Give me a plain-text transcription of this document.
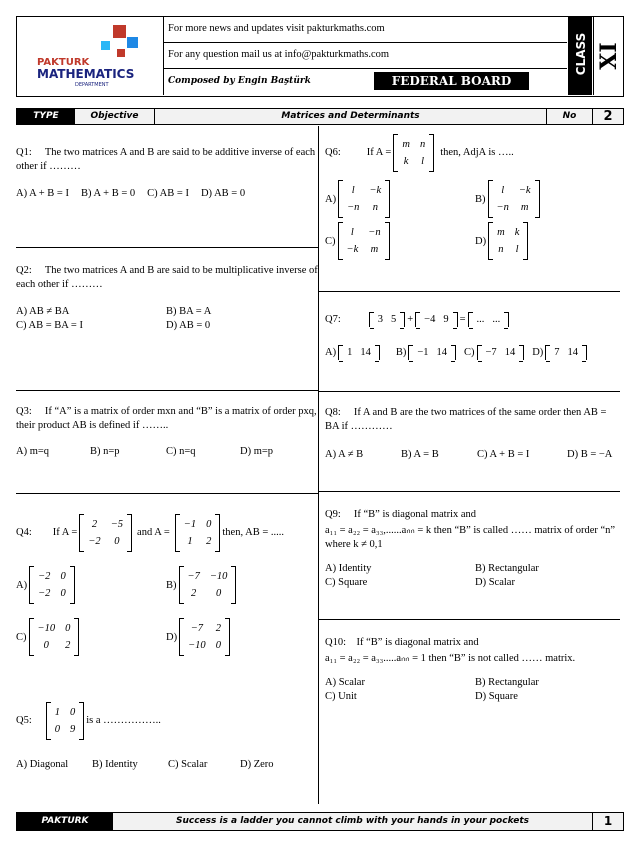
PAKTURK
MATHEMATICS
DEPARTMENT
For more news and updates visit pakturkmaths.com
For any question mail us at info@pakturkmaths.com
Composed by Engin Baştürk	FEDERAL BOARD
CLASS XI
TYPE	Objective	Matrices and Determinants	No	2
Q1: The two matrices A and B are said to be additive inverse of each other if ………
A) A + B = I B) A + B = 0 C) AB = I D) AB = 0
Q2: The two matrices A and B are said to be multiplicative inverse of each other if ………
A) AB ≠ BA	B) BA = A
C) AB = BA = I	D) AB = 0
Q3: If “A” is a matrix of order mxn and “B” is a matrix of order pxq, their product AB is defined if ……..
A) m=q	B) n=p	C) n=q	D) m=p
Q4:
If A =
2	−5
−2	0
and A =
−1 0
1	2
then, AB = .....
A)
−2 0
−2 0
B)
−7 −10
2	0
C)
−10 0
0	2
D)
−7 2
−10 0
Q5:
1 0
0 9
is a ……………..
A) Diagonal	B) Identity	C) Scalar	D) Zero
Q6: If A =
m n
k l
then, AdjA is …..
A)
l	−k
−n	n
B)
l	−k
−n m
C)
l	−n
−k m
D)
m k
n l
Q7:	3 5 + −4 9 = ... ...
A) 1 14 B) −1 14 C) −7 14 D) 7 14
Q8: If A and B are the two matrices of the same order then AB = BA if …………
A) A ≠ B	B) A = B	C) A + B = I	D) B = −A
Q9: If “B” is diagonal matrix and
a₁₁ = a₂₂ = a₃₃,......aₙₙ = k then “B” is called …… matrix of order “n” where k ≠ 0,1
A) Identity	B) Rectangular
C) Square	D) Scalar
Q10: If “B” is diagonal matrix and
a₁₁ = a₂₂ = a₃₃.....aₙₙ = 1 then “B” is not called …… matrix.
A) Scalar	B) Rectangular
C) Unit	D) Square
PAKTURK	Success is a ladder you cannot climb with your hands in your pockets	1
